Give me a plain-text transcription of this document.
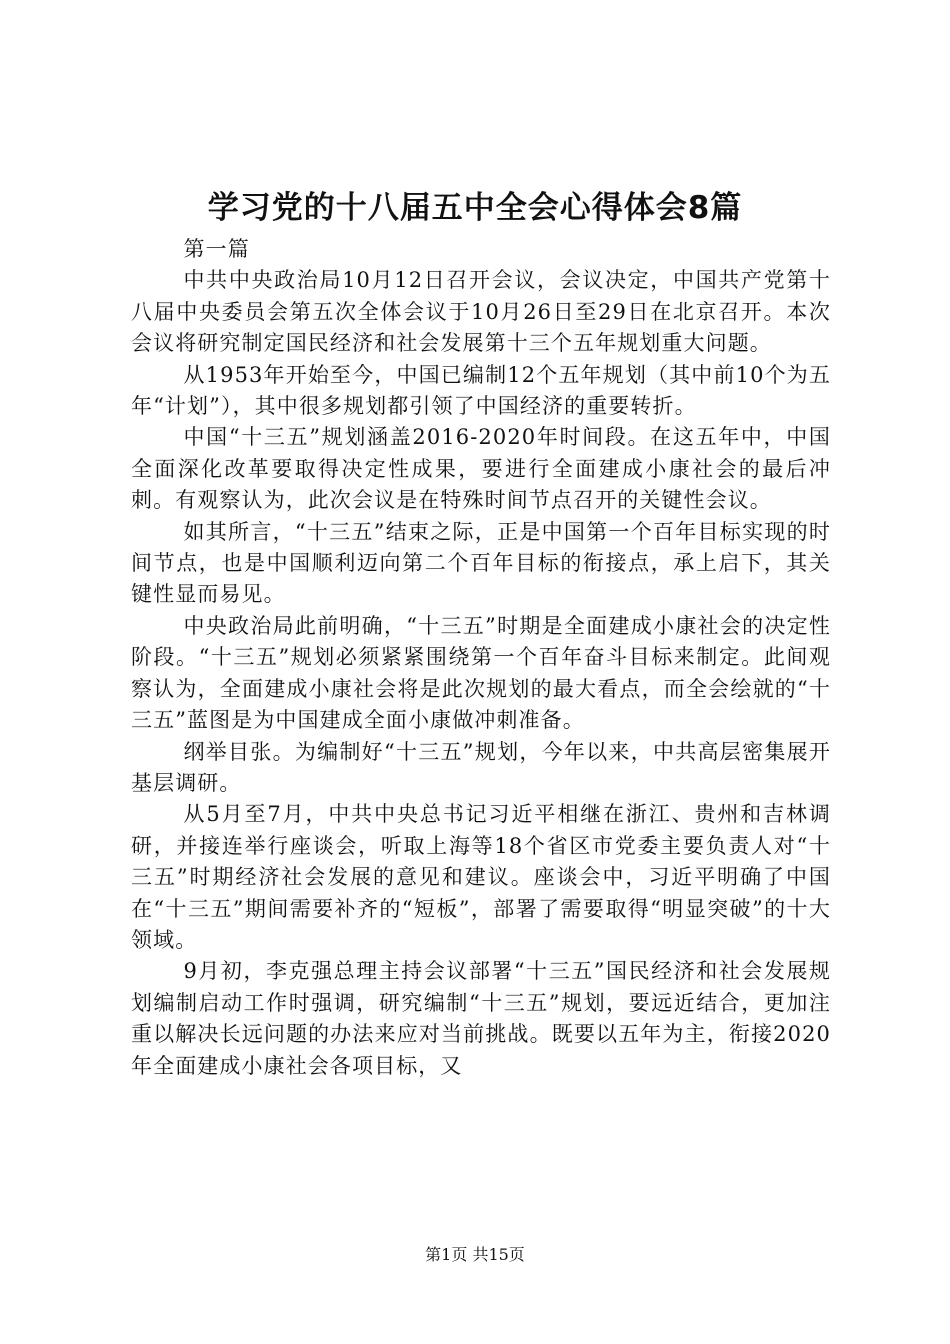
学习党的十八届五中全会心得体会8篇

第一篇

中共中央政治局10月12日召开会议，会议决定，中国共产党第十八届中央委员会第五次全体会议于10月26日至29日在北京召开。本次会议将研究制定国民经济和社会发展第十三个五年规划重大问题。

从1953年开始至今，中国已编制12个五年规划（其中前10个为五年“计划”），其中很多规划都引领了中国经济的重要转折。

中国“十三五”规划涵盖2016-2020年时间段。在这五年中，中国全面深化改革要取得决定性成果，要进行全面建成小康社会的最后冲刺。有观察认为，此次会议是在特殊时间节点召开的关键性会议。

如其所言，“十三五”结束之际，正是中国第一个百年目标实现的时间节点，也是中国顺利迈向第二个百年目标的衔接点，承上启下，其关键性显而易见。

中央政治局此前明确，“十三五”时期是全面建成小康社会的决定性阶段。“十三五”规划必须紧紧围绕第一个百年奋斗目标来制定。此间观察认为，全面建成小康社会将是此次规划的最大看点，而全会绘就的“十三五”蓝图是为中国建成全面小康做冲刺准备。

纲举目张。为编制好“十三五”规划，今年以来，中共高层密集展开基层调研。

从5月至7月，中共中央总书记习近平相继在浙江、贵州和吉林调研，并接连举行座谈会，听取上海等18个省区市党委主要负责人对“十三五”时期经济社会发展的意见和建议。座谈会中，习近平明确了中国在“十三五”期间需要补齐的“短板”，部署了需要取得“明显突破”的十大领域。

9月初，李克强总理主持会议部署“十三五”国民经济和社会发展规划编制启动工作时强调，研究编制“十三五”规划，要远近结合，更加注重以解决长远问题的办法来应对当前挑战。既要以五年为主，衔接2020年全面建成小康社会各项目标，又

第1页 共15页
